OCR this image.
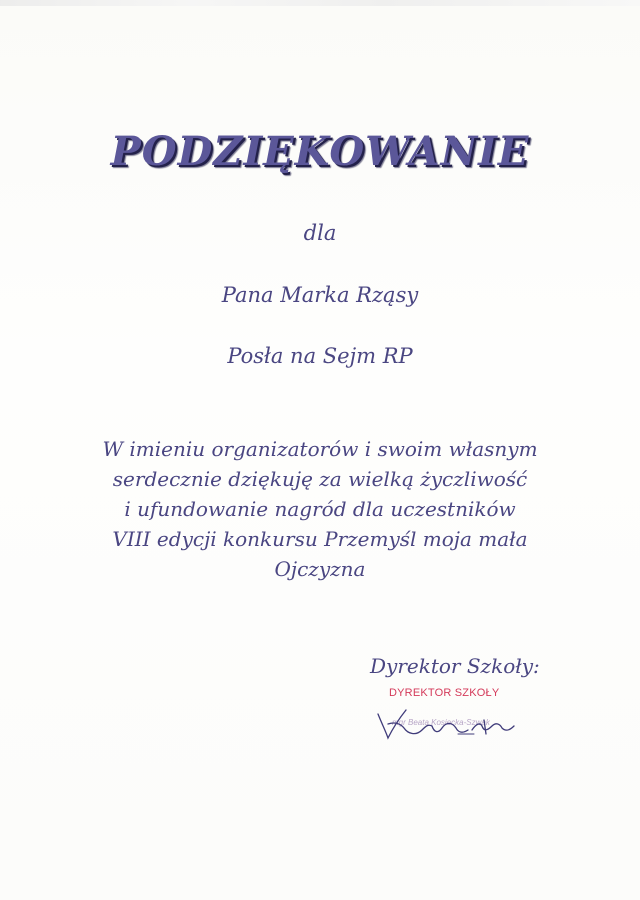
PODZIĘKOWANIE
dla
Pana Marka Rząsy
Posła na Sejm RP
W imieniu organizatorów i swoim własnym
serdecznie dziękuję za wielką życzliwość
i ufundowanie nagród dla uczestników
VIII edycji konkursu Przemyśl moja mała
Ojczyzna
Dyrektor Szkoły:
DYREKTOR SZKOŁY
mgr Beata Kosiecka-Szwak
